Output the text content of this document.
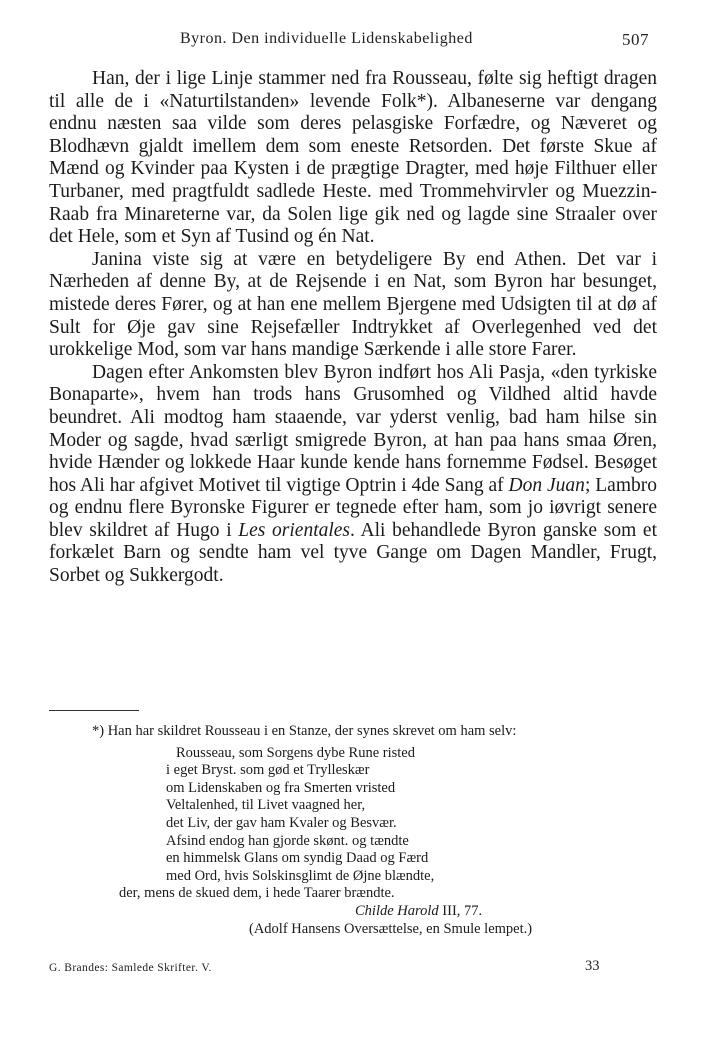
Byron. Den individuelle Lidenskabelighed	507

Han, der i lige Linje stammer ned fra Rousseau, følte sig heftigt dragen til alle de i «Naturtilstanden» levende Folk*). Albaneserne var dengang endnu næsten saa vilde som deres pelasgiske Forfædre, og Næveret og Blodhævn gjaldt imellem dem som eneste Retsorden. Det første Skue af Mænd og Kvinder paa Kysten i de prægtige Dragter, med høje Filthuer eller Turbaner, med pragtfuldt sadlede Heste. med Trommehvirvler og Muezzin-Raab fra Minareterne var, da Solen lige gik ned og lagde sine Straaler over det Hele, som et Syn af Tusind og én Nat.

Janina viste sig at være en betydeligere By end Athen. Det var i Nærheden af denne By, at de Rejsende i en Nat, som Byron har besunget, mistede deres Fører, og at han ene mellem Bjergene med Udsigten til at dø af Sult for Øje gav sine Rejsefæller Indtrykket af Overlegenhed ved det urokkelige Mod, som var hans mandige Særkende i alle store Farer.

Dagen efter Ankomsten blev Byron indført hos Ali Pasja, «den tyrkiske Bonaparte», hvem han trods hans Grusomhed og Vildhed altid havde beundret. Ali modtog ham staaende, var yderst venlig, bad ham hilse sin Moder og sagde, hvad særligt smigrede Byron, at han paa hans smaa Øren, hvide Hænder og lokkede Haar kunde kende hans fornemme Fødsel. Besøget hos Ali har afgivet Motivet til vigtige Optrin i 4de Sang af Don Juan; Lambro og endnu flere Byronske Figurer er tegnede efter ham, som jo iøvrigt senere blev skildret af Hugo i Les orientales. Ali behandlede Byron ganske som et forkælet Barn og sendte ham vel tyve Gange om Dagen Mandler, Frugt, Sorbet og Sukkergodt.

*) Han har skildret Rousseau i en Stanze, der synes skrevet om ham selv:

Rousseau, som Sorgens dybe Rune risted
i eget Bryst. som gød et Trylleskær
om Lidenskaben og fra Smerten vristed
Veltalenhed, til Livet vaagned her,
det Liv, der gav ham Kvaler og Besvær.
Afsind endog han gjorde skønt. og tændte
en himmelsk Glans om syndig Daad og Færd
med Ord, hvis Solskinsglimt de Øjne blændte,
der, mens de skued dem, i hede Taarer brændte.
Childe Harold III, 77.
(Adolf Hansens Oversættelse, en Smule lempet.)
G. Brandes: Samlede Skrifter. V.	33
